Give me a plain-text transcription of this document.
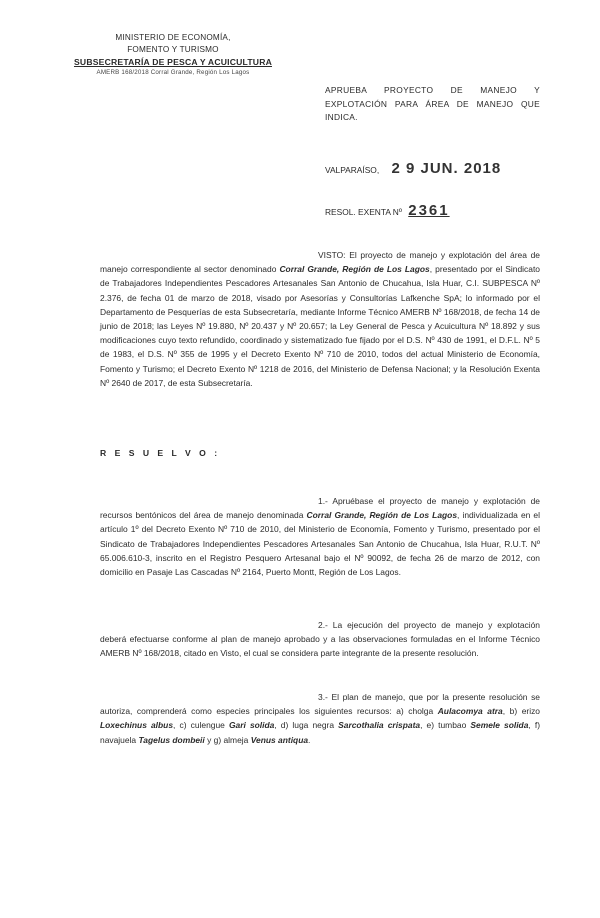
MINISTERIO DE ECONOMÍA,
FOMENTO Y TURISMO
SUBSECRETARÍA DE PESCA Y ACUICULTURA
AMERB 168/2018 Corral Grande, Región Los Lagos
APRUEBA PROYECTO DE MANEJO Y EXPLOTACIÓN PARA ÁREA DE MANEJO QUE INDICA.
VALPARAÍSO, 2 9 JUN. 2018
RESOL. EXENTA Nº 2361
VISTO: El proyecto de manejo y explotación del área de manejo correspondiente al sector denominado Corral Grande, Región de Los Lagos, presentado por el Sindicato de Trabajadores Independientes Pescadores Artesanales San Antonio de Chucahua, Isla Huar, C.I. SUBPESCA Nº 2.376, de fecha 01 de marzo de 2018, visado por Asesorías y Consultorías Lafkenche SpA; lo informado por el Departamento de Pesquerías de esta Subsecretaría, mediante Informe Técnico AMERB Nº 168/2018, de fecha 14 de junio de 2018; las Leyes Nº 19.880, Nº 20.437 y Nº 20.657; la Ley General de Pesca y Acuicultura Nº 18.892 y sus modificaciones cuyo texto refundido, coordinado y sistematizado fue fijado por el D.S. Nº 430 de 1991, el D.F.L. Nº 5 de 1983, el D.S. Nº 355 de 1995 y el Decreto Exento Nº 710 de 2010, todos del actual Ministerio de Economía, Fomento y Turismo; el Decreto Exento Nº 1218 de 2016, del Ministerio de Defensa Nacional; y la Resolución Exenta Nº 2640 de 2017, de esta Subsecretaría.
R E S U E L V O :
1.- Apruébase el proyecto de manejo y explotación de recursos bentónicos del área de manejo denominada Corral Grande, Región de Los Lagos, individualizada en el artículo 1º del Decreto Exento Nº 710 de 2010, del Ministerio de Economía, Fomento y Turismo, presentado por el Sindicato de Trabajadores Independientes Pescadores Artesanales San Antonio de Chucahua, Isla Huar, R.U.T. Nº 65.006.610-3, inscrito en el Registro Pesquero Artesanal bajo el Nº 90092, de fecha 26 de marzo de 2012, con domicilio en Pasaje Las Cascadas Nº 2164, Puerto Montt, Región de Los Lagos.
2.- La ejecución del proyecto de manejo y explotación deberá efectuarse conforme al plan de manejo aprobado y a las observaciones formuladas en el Informe Técnico AMERB Nº 168/2018, citado en Visto, el cual se considera parte integrante de la presente resolución.
3.- El plan de manejo, que por la presente resolución se autoriza, comprenderá como especies principales los siguientes recursos: a) cholga Aulacomya atra, b) erizo Loxechinus albus, c) culengue Gari solida, d) luga negra Sarcothalia crispata, e) tumbao Semele solida, f) navajuela Tagelus dombeii y g) almeja Venus antiqua.
